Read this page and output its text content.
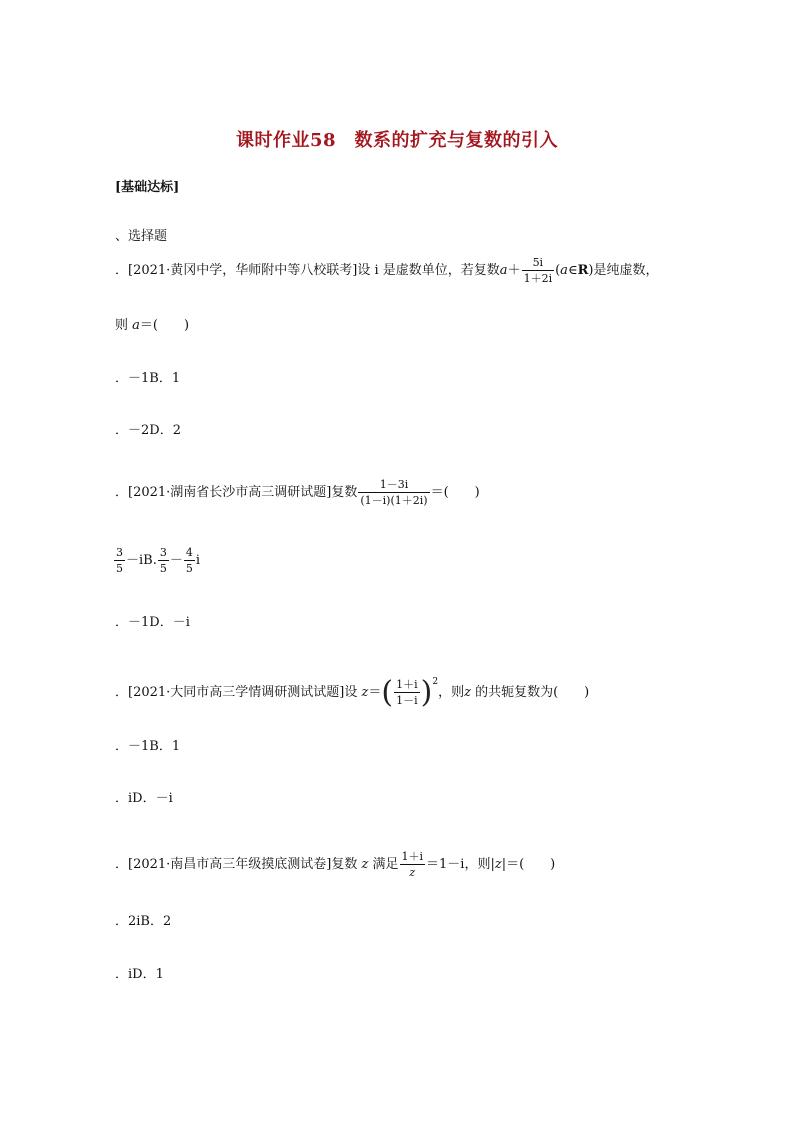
课时作业58　数系的扩充与复数的引入
[基础达标]
、选择题
．[2021·黄冈中学，华师附中等八校联考]设 i 是虚数单位，若复数$a+ \frac{5i}{1+2i}$ (a∈R)是纯虚数，
则 a＝(　　)
．－1B．1
．－2D．2
．[2021·湖南省长沙市高三调研试题]复数 $\frac{1-3i}{(1-i)(1+2i)}$ ＝(　　)
$\frac{3}{5} -iB$. $\frac{3}{5} - \frac{4}{5}$ i
．－1D．－i
．[2021·大同市高三学情调研测试试题]设 $z=( \frac{1+i}{1-i} )^2$，则z 的共轭复数为(　　)
．－1B．1
．iD．－i
．[2021·南昌市高三年级摸底测试卷]复数 z 满足 $\frac{1+i}{z} =1-i$，则|z|＝(　　)
．2iB．2
．iD．1
